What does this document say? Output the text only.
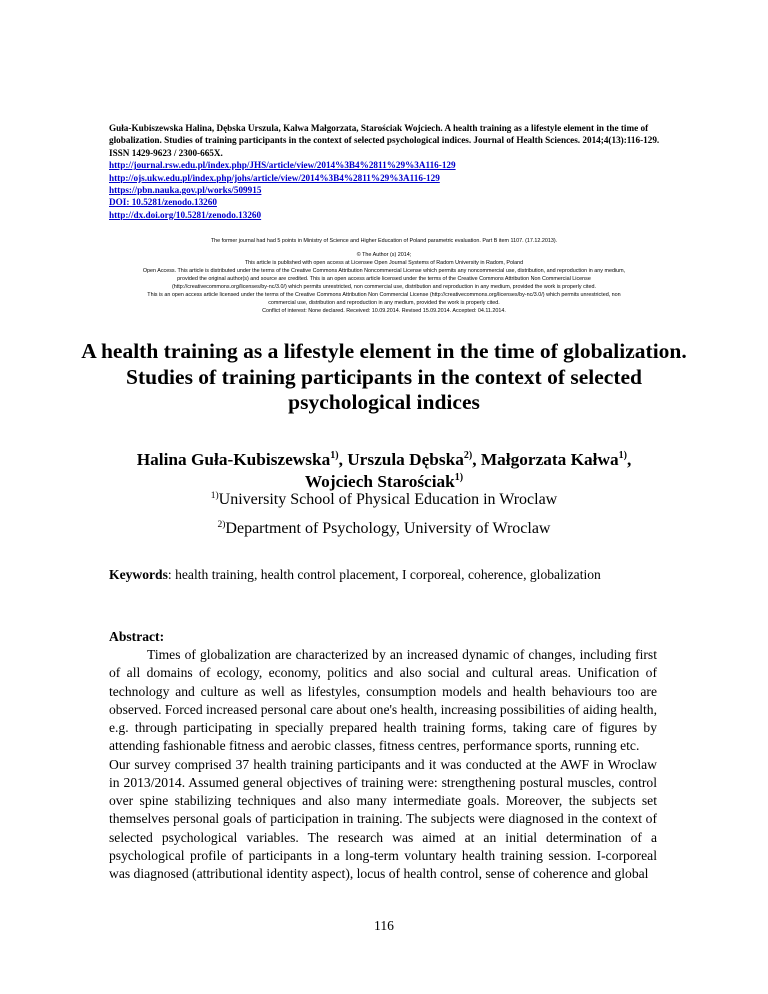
Guła-Kubiszewska Halina, Dębska Urszula, Kalwa Małgorzata, Starościak Wojciech. A health training as a lifestyle element in the time of globalization. Studies of training participants in the context of selected psychological indices. Journal of Health Sciences. 2014;4(13):116-129. ISSN 1429-9623 / 2300-665X.
http://journal.rsw.edu.pl/index.php/JHS/article/view/2014%3B4%2811%29%3A116-129
http://ojs.ukw.edu.pl/index.php/johs/article/view/2014%3B4%2811%29%3A116-129
https://pbn.nauka.gov.pl/works/509915
DOI: 10.5281/zenodo.13260
http://dx.doi.org/10.5281/zenodo.13260
The former journal had had 5 points in Ministry of Science and Higher Education of Poland parametric evaluation. Part B item 1107. (17.12.2013).
© The Author (s) 2014;
This article is published with open access at Licensee Open Journal Systems of Radom University in Radom, Poland
Open Access. This article is distributed under the terms of the Creative Commons Attribution Noncommercial License which permits any noncommercial use, distribution, and reproduction in any medium,
provided the original author(s) and source are credited. This is an open access article licensed under the terms of the Creative Commons Attribution Non Commercial License
(http://creativecommons.org/licenses/by-nc/3.0/) which permits unrestricted, non commercial use, distribution and reproduction in any medium, provided the work is properly cited.
This is an open access article licensed under the terms of the Creative Commons Attribution Non Commercial License (http://creativecommons.org/licenses/by-nc/3.0/) which permits unrestricted, non
commercial use, distribution and reproduction in any medium, provided the work is properly cited.
Conflict of interest: None declared. Received: 10.09.2014. Revised 15.09.2014. Accepted: 04.11.2014.
A health training as a lifestyle element in the time of globalization. Studies of training participants in the context of selected psychological indices
Halina Guła-Kubiszewska$^{1)}$, Urszula Dębska$^{2)}$, Małgorzata Kałwa$^{1)}$,
Wojciech Starościak$^{1)}$
$^{1)}$University School of Physical Education in Wroclaw
$^{2)}$Department of Psychology, University of Wroclaw
Keywords: health training, health control placement, I corporeal, coherence, globalization
Abstract:

Times of globalization are characterized by an increased dynamic of changes, including first of all domains of ecology, economy, politics and also social and cultural areas. Unification of technology and culture as well as lifestyles, consumption models and health behaviours too are observed. Forced increased personal care about one's health, increasing possibilities of aiding health, e.g. through participating in specially prepared health training forms, taking care of figures by attending fashionable fitness and aerobic classes, fitness centres, performance sports, running etc.

Our survey comprised 37 health training participants and it was conducted at the AWF in Wroclaw in 2013/2014. Assumed general objectives of training were: strengthening postural muscles, control over spine stabilizing techniques and also many intermediate goals. Moreover, the subjects set themselves personal goals of participation in training. The subjects were diagnosed in the context of selected psychological variables. The research was aimed at an initial determination of a psychological profile of participants in a long-term voluntary health training session. I-corporeal was diagnosed (attributional identity aspect), locus of health control, sense of coherence and global

116
